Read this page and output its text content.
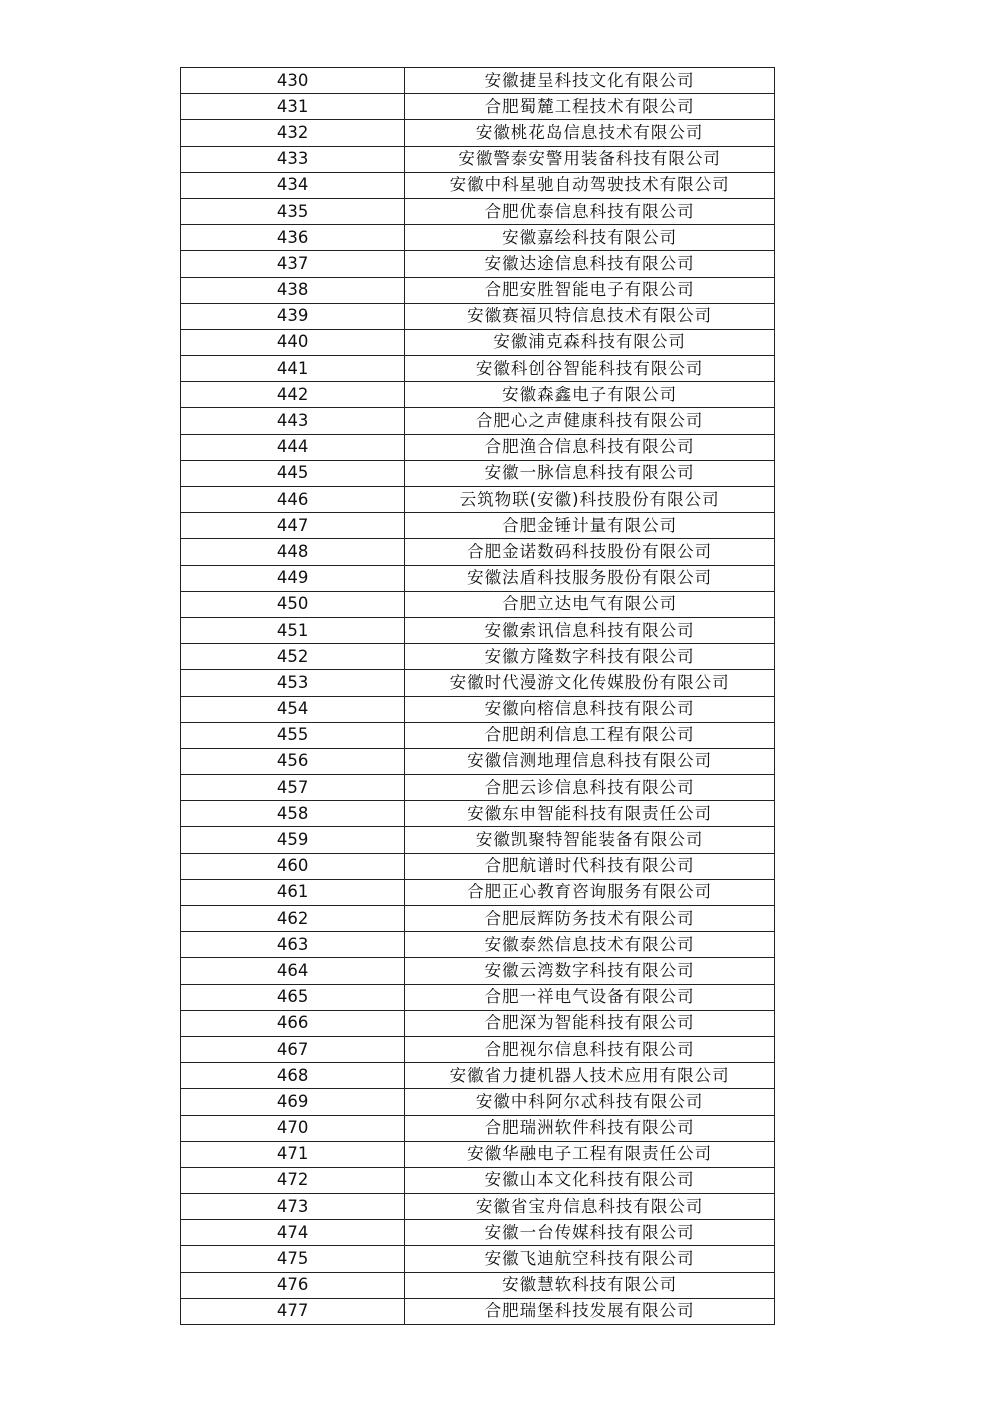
430	安徽捷呈科技文化有限公司
431	合肥蜀麓工程技术有限公司
432	安徽桃花岛信息技术有限公司
433	安徽警泰安警用装备科技有限公司
434	安徽中科星驰自动驾驶技术有限公司
435	合肥优泰信息科技有限公司
436	安徽嘉绘科技有限公司
437	安徽达途信息科技有限公司
438	合肥安胜智能电子有限公司
439	安徽赛福贝特信息技术有限公司
440	安徽浦克森科技有限公司
441	安徽科创谷智能科技有限公司
442	安徽森鑫电子有限公司
443	合肥心之声健康科技有限公司
444	合肥渔合信息科技有限公司
445	安徽一脉信息科技有限公司
446	云筑物联(安徽)科技股份有限公司
447	合肥金锤计量有限公司
448	合肥金诺数码科技股份有限公司
449	安徽法盾科技服务股份有限公司
450	合肥立达电气有限公司
451	安徽索讯信息科技有限公司
452	安徽方隆数字科技有限公司
453	安徽时代漫游文化传媒股份有限公司
454	安徽向榕信息科技有限公司
455	合肥朗利信息工程有限公司
456	安徽信测地理信息科技有限公司
457	合肥云诊信息科技有限公司
458	安徽东申智能科技有限责任公司
459	安徽凯聚特智能装备有限公司
460	合肥航谱时代科技有限公司
461	合肥正心教育咨询服务有限公司
462	合肥辰辉防务技术有限公司
463	安徽泰然信息技术有限公司
464	安徽云湾数字科技有限公司
465	合肥一祥电气设备有限公司
466	合肥深为智能科技有限公司
467	合肥视尔信息科技有限公司
468	安徽省力捷机器人技术应用有限公司
469	安徽中科阿尔忒科技有限公司
470	合肥瑞洲软件科技有限公司
471	安徽华融电子工程有限责任公司
472	安徽山本文化科技有限公司
473	安徽省宝舟信息科技有限公司
474	安徽一台传媒科技有限公司
475	安徽飞迪航空科技有限公司
476	安徽慧软科技有限公司
477	合肥瑞堡科技发展有限公司
